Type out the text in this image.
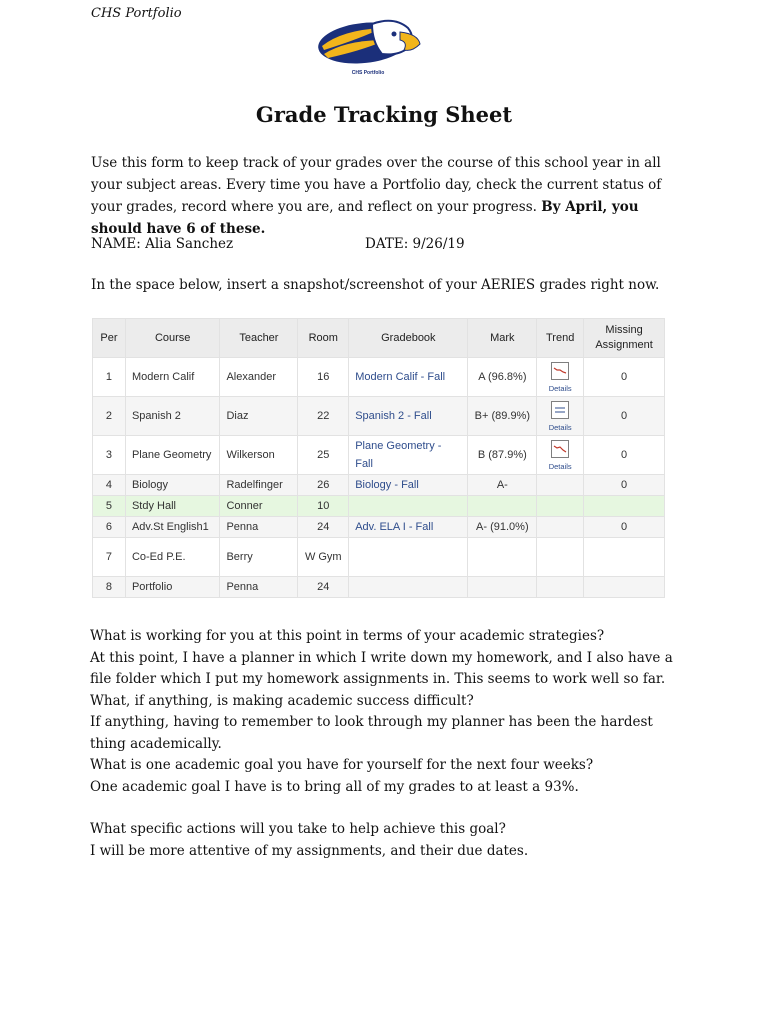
CHS Portfolio
CHS Portfolio
Grade Tracking Sheet
Use this form to keep track of your grades over the course of this school year in all your subject areas. Every time you have a Portfolio day, check the current status of your grades, record where you are, and reflect on your progress. By April, you should have 6 of these.
NAME: Alia Sanchez	DATE: 9/26/19
In the space below, insert a snapshot/screenshot of your AERIES grades right now.
Per	Course	Teacher	Room	Gradebook	Mark	Trend	Missing Assignment
1	Modern Calif	Alexander	16	Modern Calif - Fall	A (96.8%)	Details	0
2	Spanish 2	Diaz	22	Spanish 2 - Fall	B+ (89.9%)	Details	0
3	Plane Geometry	Wilkerson	25	Plane Geometry - Fall	B (87.9%)	Details	0
4	Biology	Radelfinger	26	Biology - Fall	A-		0
5	Stdy Hall	Conner	10				
6	Adv.St English1	Penna	24	Adv. ELA I - Fall	A- (91.0%)		0
7	Co-Ed P.E.	Berry	W Gym				
8	Portfolio	Penna	24				

What is working for you at this point in terms of your academic strategies?

At this point, I have a planner in which I write down my homework, and I also have a file folder which I put my homework assignments in. This seems to work well so far.

What, if anything, is making academic success difficult?

If anything, having to remember to look through my planner has been the hardest thing academically.

What is one academic goal you have for yourself for the next four weeks?

One academic goal I have is to bring all of my grades to at least a 93%.

What specific actions will you take to help achieve this goal?

I will be more attentive of my assignments, and their due dates.
